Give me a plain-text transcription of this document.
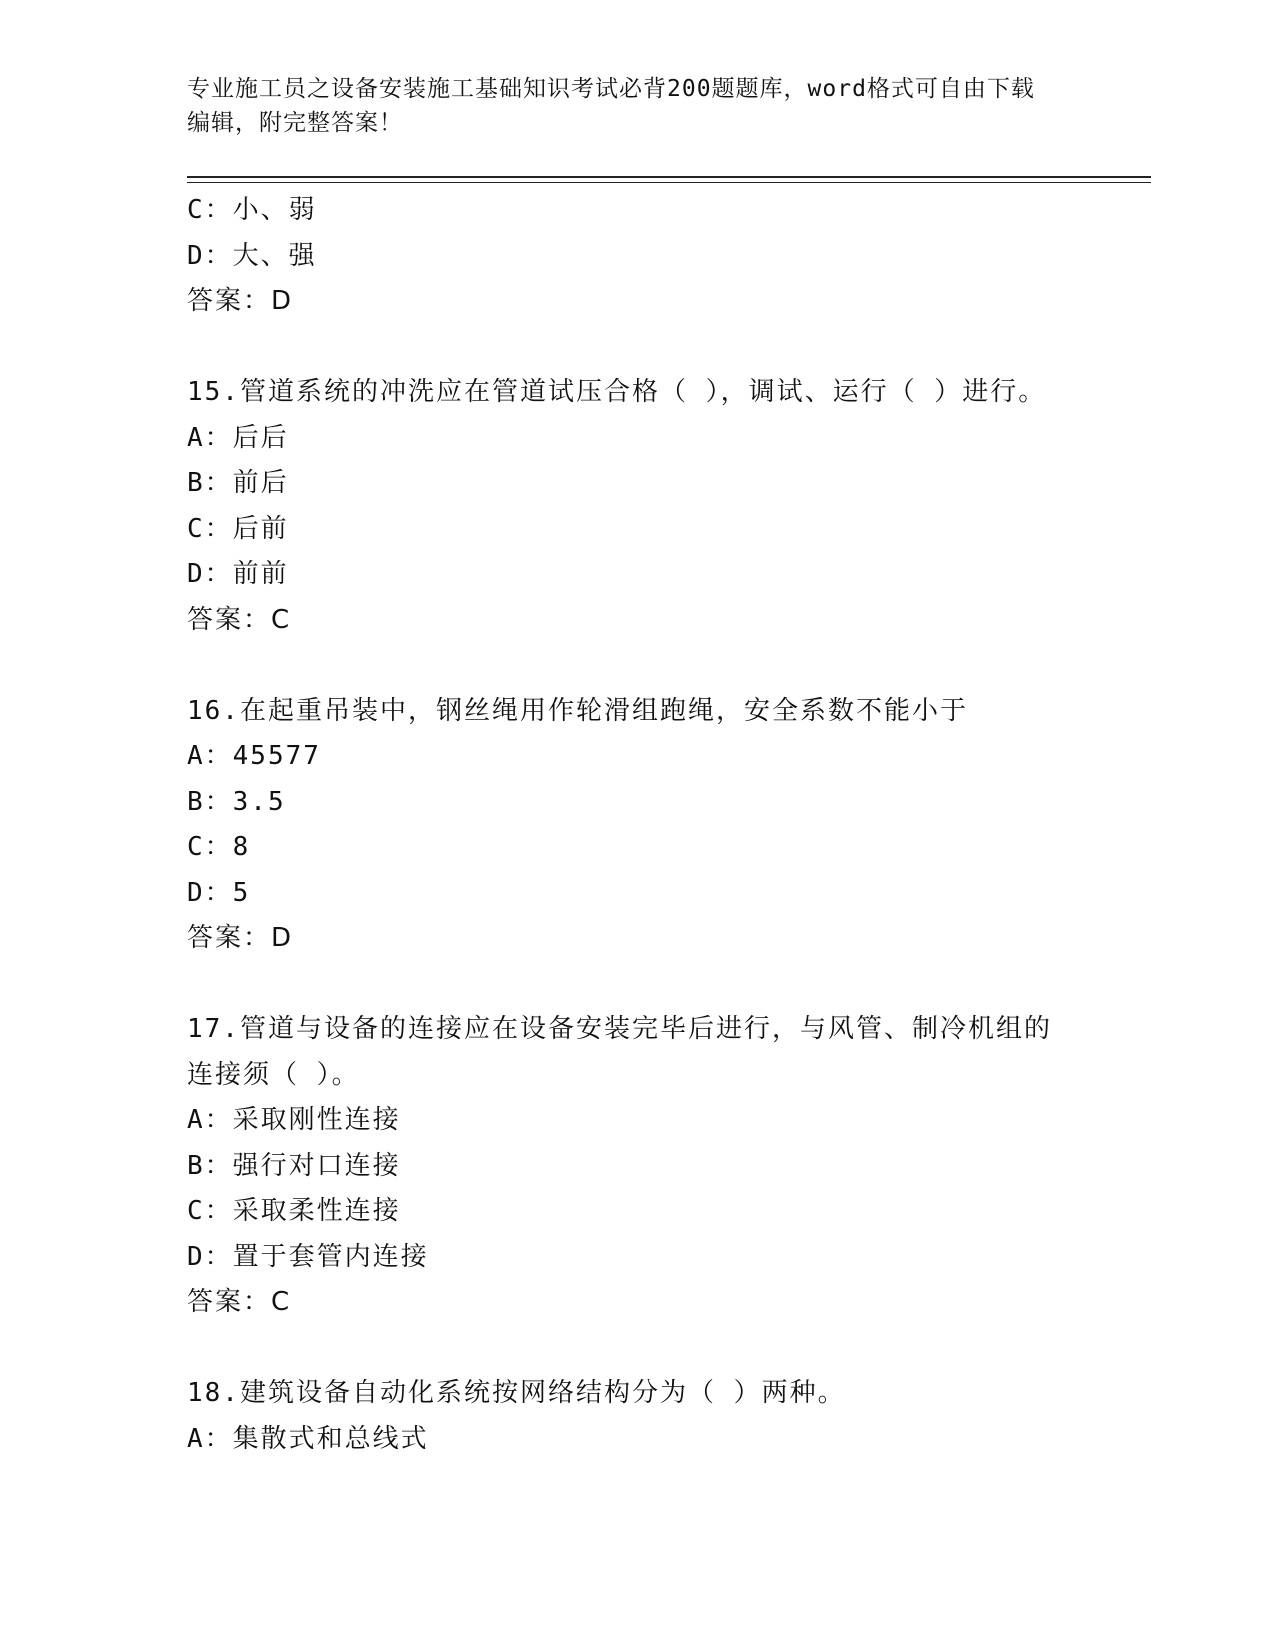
专业施工员之设备安装施工基础知识考试必背200题题库，word格式可自由下载
编辑，附完整答案！
C：小、弱
D：大、强
答案：D
15.管道系统的冲洗应在管道试压合格（ ），调试、运行（ ）进行。
A：后后
B：前后
C：后前
D：前前
答案：C
16.在起重吊装中，钢丝绳用作轮滑组跑绳，安全系数不能小于
A：45577
B：3.5
C：8
D：5
答案：D
17.管道与设备的连接应在设备安装完毕后进行，与风管、制冷机组的
连接须（ ）。
A：采取刚性连接
B：强行对口连接
C：采取柔性连接
D：置于套管内连接
答案：C
18.建筑设备自动化系统按网络结构分为（ ）两种。
A：集散式和总线式
